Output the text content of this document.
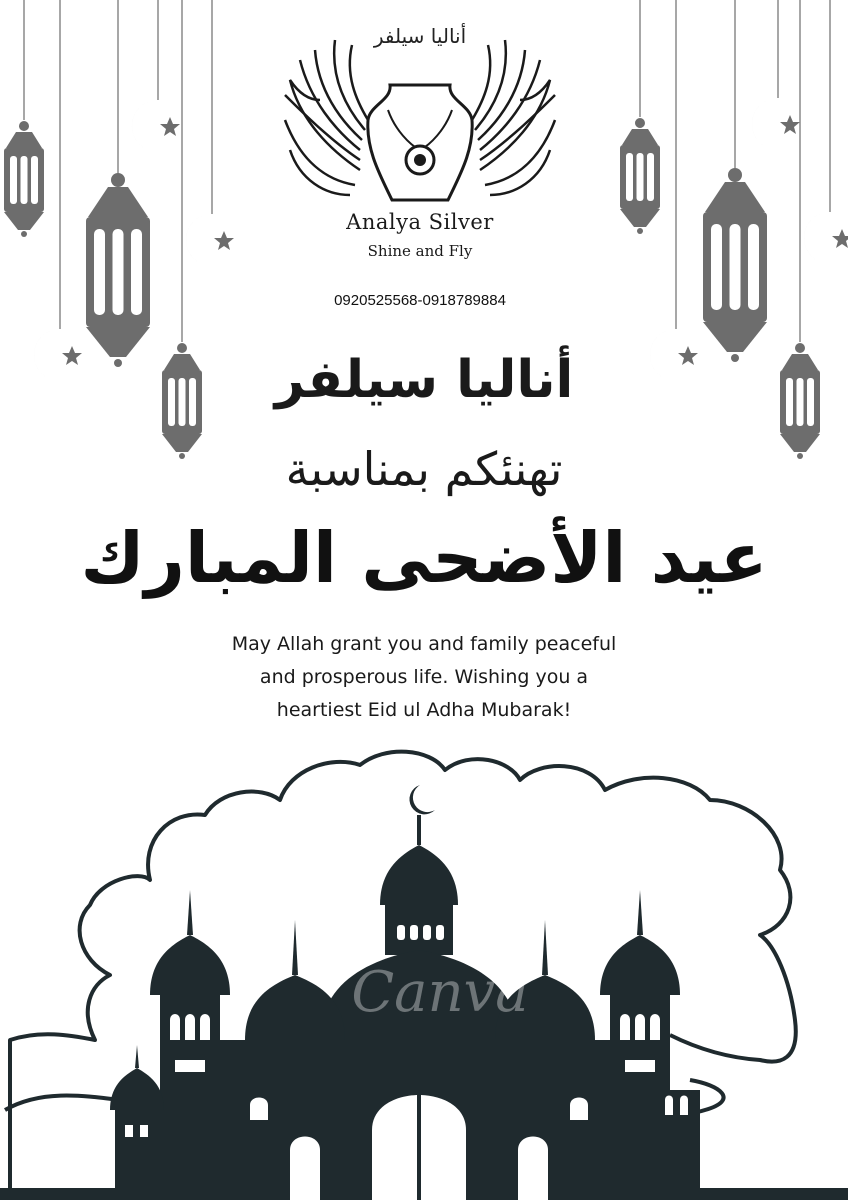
أناليا سيلفر
Analya Silver
Shine and Fly
0920525568-0918789884
أناليا سيلفر
تهنئكم بمناسبة
عيد الأضحى المبارك
May Allah grant you and family peaceful
and prosperous life. Wishing you a
heartiest Eid ul Adha Mubarak!
Canva
